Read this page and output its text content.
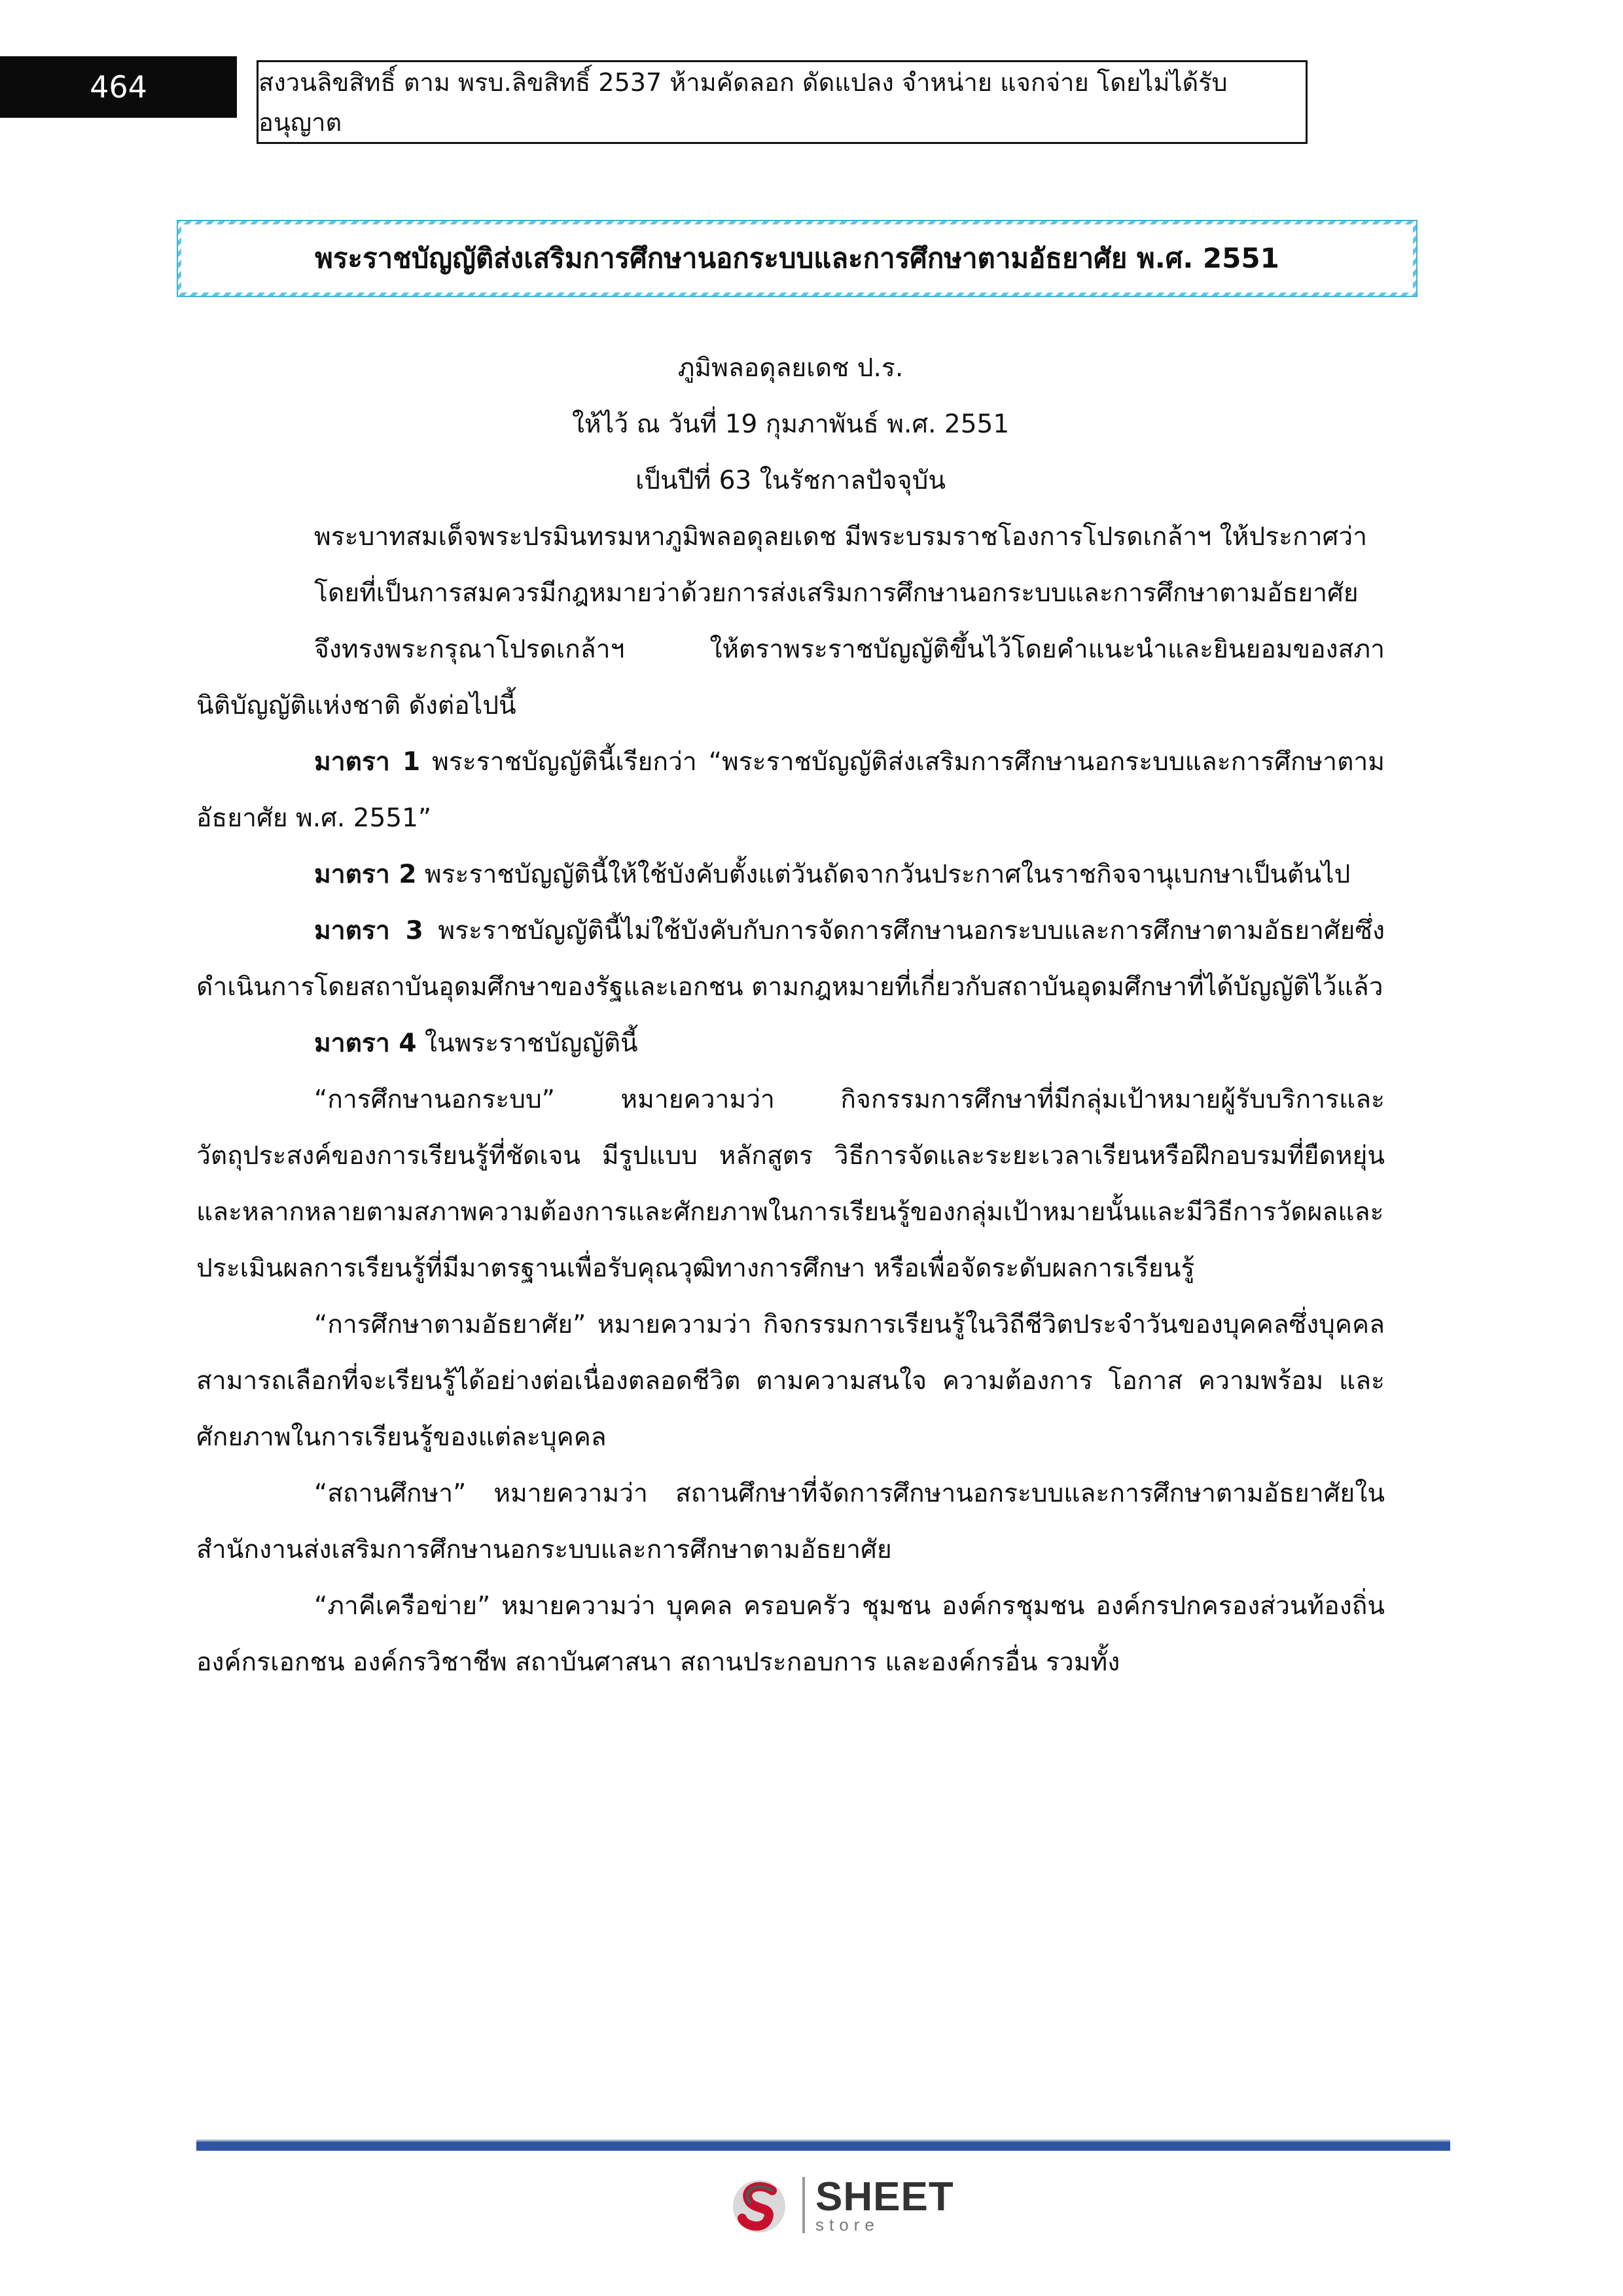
464	สงวนลิขสิทธิ์ ตาม พรบ.ลิขสิทธิ์ 2537 ห้ามคัดลอก ดัดแปลง จำหน่าย แจกจ่าย โดยไม่ได้รับอนุญาต
พระราชบัญญัติส่งเสริมการศึกษานอกระบบและการศึกษาตามอัธยาศัย พ.ศ. 2551
ภูมิพลอดุลยเดช ป.ร.
ให้ไว้ ณ วันที่ 19 กุมภาพันธ์ พ.ศ. 2551
เป็นปีที่ 63 ในรัชกาลปัจจุบัน

พระบาทสมเด็จพระปรมินทรมหาภูมิพลอดุลยเดช มีพระบรมราชโองการโปรดเกล้าฯ ให้ประกาศว่า

โดยที่เป็นการสมควรมีกฎหมายว่าด้วยการส่งเสริมการศึกษานอกระบบและการศึกษาตามอัธยาศัย

จึงทรงพระกรุณาโปรดเกล้าฯ ให้ตราพระราชบัญญัติขึ้นไว้โดยคำแนะนำและยินยอมของสภานิติบัญญัติแห่งชาติ ดังต่อไปนี้

มาตรา 1 พระราชบัญญัตินี้เรียกว่า “พระราชบัญญัติส่งเสริมการศึกษานอกระบบและการศึกษาตามอัธยาศัย พ.ศ. 2551”

มาตรา 2 พระราชบัญญัตินี้ให้ใช้บังคับตั้งแต่วันถัดจากวันประกาศในราชกิจจานุเบกษาเป็นต้นไป

มาตรา 3 พระราชบัญญัตินี้ไม่ใช้บังคับกับการจัดการศึกษานอกระบบและการศึกษาตามอัธยาศัยซึ่งดำเนินการโดยสถาบันอุดมศึกษาของรัฐและเอกชน ตามกฎหมายที่เกี่ยวกับสถาบันอุดมศึกษาที่ได้บัญญัติไว้แล้ว

มาตรา 4 ในพระราชบัญญัตินี้

“การศึกษานอกระบบ” หมายความว่า กิจกรรมการศึกษาที่มีกลุ่มเป้าหมายผู้รับบริการและวัตถุประสงค์ของการเรียนรู้ที่ชัดเจน มีรูปแบบ หลักสูตร วิธีการจัดและระยะเวลาเรียนหรือฝึกอบรมที่ยืดหยุ่นและหลากหลายตามสภาพความต้องการและศักยภาพในการเรียนรู้ของกลุ่มเป้าหมายนั้นและมีวิธีการวัดผลและประเมินผลการเรียนรู้ที่มีมาตรฐานเพื่อรับคุณวุฒิทางการศึกษา หรือเพื่อจัดระดับผลการเรียนรู้

“การศึกษาตามอัธยาศัย” หมายความว่า กิจกรรมการเรียนรู้ในวิถีชีวิตประจำวันของบุคคลซึ่งบุคคลสามารถเลือกที่จะเรียนรู้ได้อย่างต่อเนื่องตลอดชีวิต ตามความสนใจ ความต้องการ โอกาส ความพร้อม และศักยภาพในการเรียนรู้ของแต่ละบุคคล

“สถานศึกษา” หมายความว่า สถานศึกษาที่จัดการศึกษานอกระบบและการศึกษาตามอัธยาศัยในสำนักงานส่งเสริมการศึกษานอกระบบและการศึกษาตามอัธยาศัย

“ภาคีเครือข่าย” หมายความว่า บุคคล ครอบครัว ชุมชน องค์กรชุมชน องค์กรปกครองส่วนท้องถิ่นองค์กรเอกชน องค์กรวิชาชีพ สถาบันศาสนา สถานประกอบการ และองค์กรอื่น รวมทั้ง

SHEET
store
